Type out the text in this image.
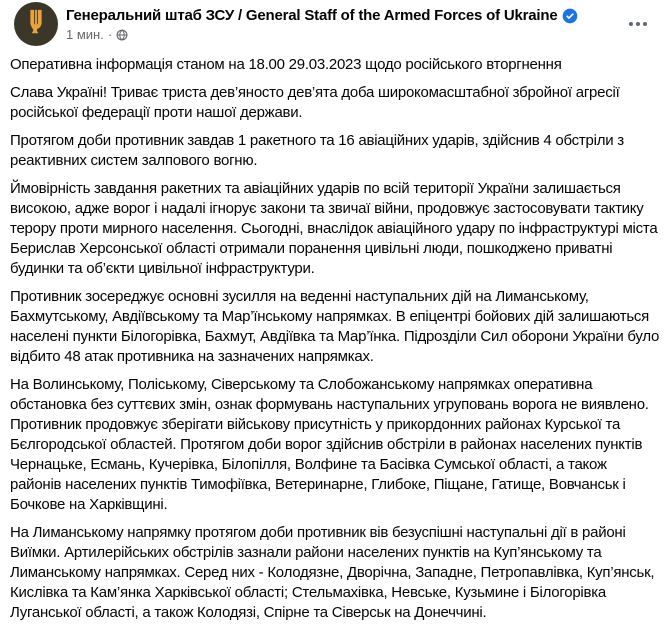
Генеральний штаб ЗСУ / General Staff of the Armed Forces of Ukraine
1 мин. ·

Оперативна інформація станом на 18.00 29.03.2023 щодо російського вторгнення

Слава Україні! Триває триста дев’яносто дев’ята доба широкомасштабної збройної агресії російської федерації проти нашої держави.

Протягом доби противник завдав 1 ракетного та 16 авіаційних ударів, здійснив 4 обстріли з реактивних систем залпового вогню.

Ймовірність завдання ракетних та авіаційних ударів по всій території України залишається високою, адже ворог і надалі ігнорує закони та звичаї війни, продовжує застосовувати тактику терору проти мирного населення. Сьогодні, внаслідок авіаційного удару по інфраструктурі міста Берислав Херсонської області отримали поранення цивільні люди, пошкоджено приватні будинки та об’єкти цивільної інфраструктури.

Противник зосереджує основні зусилля на веденні наступальних дій на Лиманському, Бахмутському, Авдіївському та Мар’їнському напрямках. В епіцентрі бойових дій залишаються населені пункти Білогорівка, Бахмут, Авдіївка та Мар’їнка. Підрозділи Сил оборони України було відбито 48 атак противника на зазначених напрямках.

На Волинському, Поліському, Сіверському та Слобожанському напрямках оперативна обстановка без суттєвих змін, ознак формувань наступальних угруповань ворога не виявлено. Противник продовжує зберігати військову присутність у прикордонних районах Курської та Бєлгородської областей. Протягом доби ворог здійснив обстріли в районах населених пунктів Чернацьке, Есмань, Кучерівка, Білопілля, Волфине та Басівка Сумської області, а також районів населених пунктів Тимофіївка, Ветеринарне, Глибоке, Піщане, Гатище, Вовчанськ і Бочкове на Харківщині.

На Лиманському напрямку протягом доби противник вів безуспішні наступальні дії в районі Виїмки. Артилерійських обстрілів зазнали райони населених пунктів на Куп’янському та Лиманському напрямках. Серед них - Колодязне, Дворічна, Западне, Петропавлівка, Куп’янськ, Кислівка та Кам’янка Харківської області; Стельмахівка, Невське, Кузьмине і Білогорівка Луганської області, а також Колодязі, Спірне та Сіверськ на Донеччині.
